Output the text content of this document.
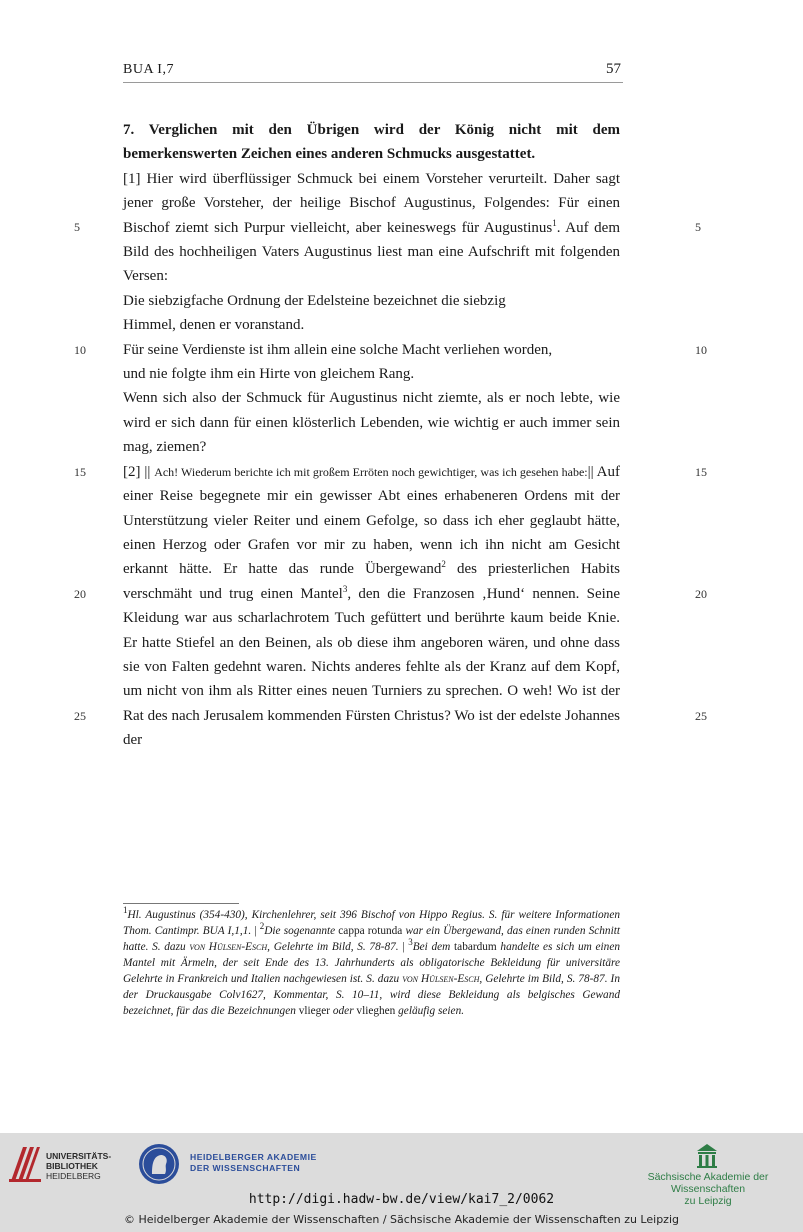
BUA I,7	57

7. Verglichen mit den Übrigen wird der König nicht mit dem bemerkenswerten Zeichen eines anderen Schmucks ausgestattet.

[1] Hier wird überflüssiger Schmuck bei einem Vorsteher verurteilt. Daher sagt jener große Vorsteher, der heilige Bischof Augustinus, Folgendes: Für einen Bischof ziemt sich Purpur vielleicht, aber keineswegs für Augustinus$^1$. Auf dem Bild des hochheiligen Vaters Augustinus liest man eine Aufschrift mit folgenden Versen:

Die siebzigfache Ordnung der Edelsteine bezeichnet die siebzig

Himmel, denen er voranstand.

Für seine Verdienste ist ihm allein eine solche Macht verliehen worden,

und nie folgte ihm ein Hirte von gleichem Rang.

Wenn sich also der Schmuck für Augustinus nicht ziemte, als er noch lebte, wie wird er sich dann für einen klösterlich Lebenden, wie wichtig er auch immer sein mag, ziemen?

[2] || Ach! Wiederum berichte ich mit großem Erröten noch gewichtiger, was ich gesehen habe:|| Auf einer Reise begegnete mir ein gewisser Abt eines erhabeneren Ordens mit der Unterstützung vieler Reiter und einem Gefolge, so dass ich eher geglaubt hätte, einen Herzog oder Grafen vor mir zu haben, wenn ich ihn nicht am Gesicht erkannt hätte. Er hatte das runde Übergewand$^2$ des priesterlichen Habits verschmäht und trug einen Mantel$^3$, den die Franzosen ‚Hund‘ nennen. Seine Kleidung war aus scharlachrotem Tuch gefüttert und berührte kaum beide Knie. Er hatte Stiefel an den Beinen, als ob diese ihm angeboren wären, und ohne dass sie von Falten gedehnt waren. Nichts anderes fehlte als der Kranz auf dem Kopf, um nicht von ihm als Ritter eines neuen Turniers zu sprechen. O weh! Wo ist der Rat des nach Jerusalem kommenden Fürsten Christus? Wo ist der edelste Johannes der

5	5
10	10
15	15
20	20
25	25
$^1$Hl. Augustinus (354-430), Kirchenlehrer, seit 396 Bischof von Hippo Regius. S. für weitere Informationen Thom. Cantimpr. BUA I,1,1. | $^2$Die sogenannte cappa rotunda war ein Übergewand, das einen runden Schnitt hatte. S. dazu von Hülsen-Esch, Gelehrte im Bild, S. 78-87. | $^3$Bei dem tabardum handelte es sich um einen Mantel mit Ärmeln, der seit Ende des 13. Jahrhunderts als obligatorische Bekleidung für universitäre Gelehrte in Frankreich und Italien nachgewiesen ist. S. dazu von Hülsen-Esch, Gelehrte im Bild, S. 78-87. In der Druckausgabe Colv1627, Kommentar, S. 10–11, wird diese Bekleidung als belgisches Gewand bezeichnet, für das die Bezeichnungen vlieger oder vlieghen geläufig seien.
UNIVERSITÄTS-
BIBLIOTHEK
HEIDELBERG
HEIDELBERGER AKADEMIE
DER WISSENSCHAFTEN
Sächsische Akademie der Wissenschaften
zu Leipzig
http://digi.hadw-bw.de/view/kai7_2/0062
© Heidelberger Akademie der Wissenschaften / Sächsische Akademie der Wissenschaften zu Leipzig
